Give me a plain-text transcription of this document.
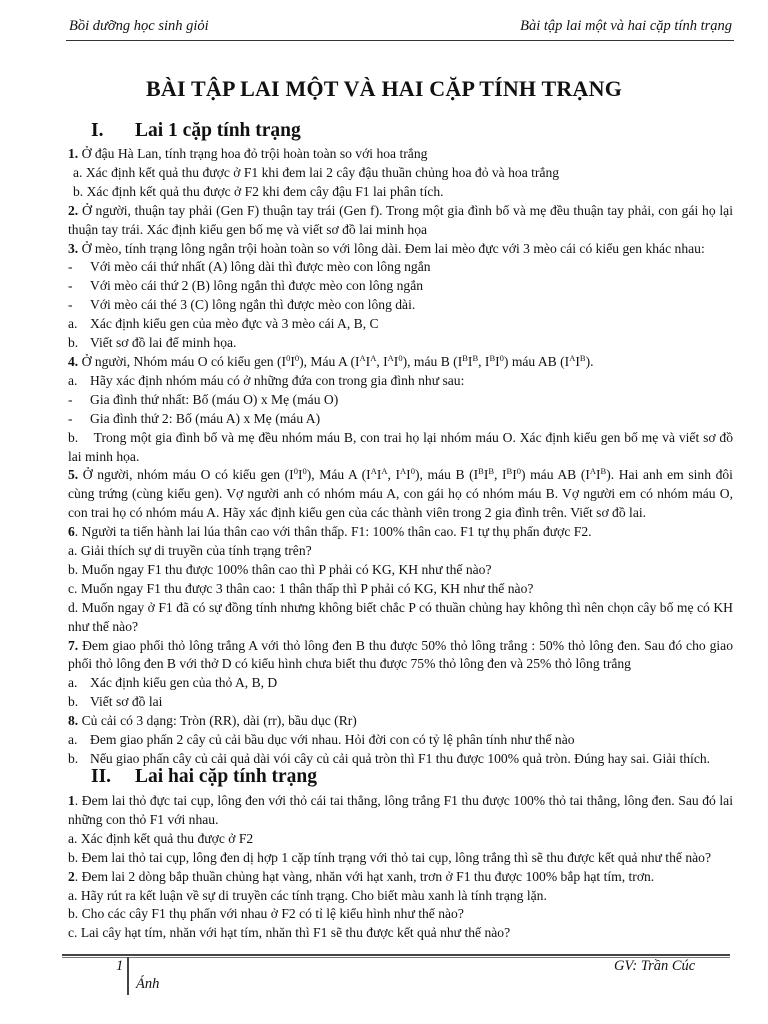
Bồi dưỡng học sinh giỏi	Bài tập lai một và hai cặp tính trạng
BÀI TẬP LAI MỘT VÀ HAI CẶP TÍNH TRẠNG
I. Lai 1 cặp tính trạng

1. Ở đậu Hà Lan, tính trạng hoa đỏ trội hoàn toàn so với hoa trắng

a. Xác định kết quả thu được ở F1 khi đem lai 2 cây đậu thuần chủng hoa đỏ và hoa trắng

b. Xác định kết quả thu được ở F2 khi đem cây đậu F1 lai phân tích.

2. Ở người, thuận tay phải (Gen F) thuận tay trái (Gen f). Trong một gia đình bố và mẹ đều thuận tay phải, con gái họ lại thuận tay trái. Xác định kiểu gen bố mẹ và viết sơ đồ lai minh họa

3. Ở mèo, tính trạng lông ngắn trội hoàn toàn so với lông dài. Đem lai mèo đực với 3 mèo cái có kiểu gen khác nhau:

- Với mèo cái thứ nhất (A) lông dài thì được mèo con lông ngắn

- Với mèo cái thứ 2 (B) lông ngắn thì được mèo con lông ngắn

- Với mèo cái thé 3 (C) lông ngắn thì được mèo con lông dài.

a. Xác định kiểu gen của mèo đực và 3 mèo cái A, B, C

b. Viết sơ đồ lai để minh họa.

4. Ở người, Nhóm máu O có kiểu gen $(I^0I^0)$, Máu A ($I^AI^A$, $I^AI^0$), máu B ($I^BI^B$, $I^BI^0$) máu AB $(I^AI^B)$.

a. Hãy xác định nhóm máu có ở những đứa con trong gia đình như sau:

- Gia đình thứ nhất: Bố (máu O) x Mẹ (máu O)

- Gia đình thứ 2: Bố (máu A) x Mẹ (máu A)

b. Trong một gia đình bố và mẹ đều nhóm máu B, con trai họ lại nhóm máu O. Xác định kiểu gen bố mẹ và viết sơ đồ lai minh họa.

5. Ở người, nhóm máu O có kiểu gen $(I^0I^0)$, Máu A ($I^AI^A$, $I^AI^0$), máu B ($I^BI^B$, $I^BI^0$) máu AB $(I^AI^B)$. Hai anh em sinh đôi cùng trứng (cùng kiểu gen). Vợ người anh có nhóm máu A, con gái họ có nhóm máu B. Vợ người em có nhóm máu O, con trai họ có nhóm máu A. Hãy xác định kiểu gen của các thành viên trong 2 gia đình trên. Viết sơ đồ lai.

6. Người ta tiến hành lai lúa thân cao với thân thấp. F1: 100% thân cao. F1 tự thụ phấn được F2.

a. Giải thích sự di truyền của tính trạng trên?

b. Muốn ngay F1 thu được 100% thân cao thì P phải có KG, KH như thế nào?

c. Muốn ngay F1 thu được 3 thân cao: 1 thân thấp thì P phải có KG, KH như thế nào?

d. Muốn ngay ở F1 đã có sự đồng tính nhưng không biết chắc P có thuần chủng hay không thì nên chọn cây bố mẹ có KH như thế nào?

7. Đem giao phối thỏ lông trắng A với thỏ lông đen B thu được 50% thỏ lông trắng : 50% thỏ lông đen. Sau đó cho giao phối thỏ lông đen B với thở D có kiểu hình chưa biết thu được 75% thỏ lông đen và 25% thỏ lông trắng

a. Xác định kiểu gen của thỏ A, B, D

b. Viết sơ đồ lai

8. Củ cải có 3 dạng: Tròn (RR), dài (rr), bầu dục (Rr)

a. Đem giao phấn 2 cây củ cải bầu dục với nhau. Hỏi đời con có tỷ lệ phân tính như thế nào

b. Nếu giao phấn cây củ cải quả dài vói cây củ cải quả tròn thì F1 thu được 100% quả tròn. Đúng hay sai. Giải thích.

II. Lai hai cặp tính trạng

1. Đem lai thỏ đực tai cụp, lông đen với thỏ cái tai thẳng, lông trắng F1 thu được 100% thỏ tai thẳng, lông đen. Sau đó lai những con thỏ F1 với nhau.

a. Xác định kết quả thu được ở F2

b. Đem lai thỏ tai cụp, lông đen dị hợp 1 cặp tính trạng với thỏ tai cụp, lông trắng thì sẽ thu được kết quả như thế nào?

2. Đem lai 2 dòng bắp thuần chủng hạt vàng, nhăn với hạt xanh, trơn ở F1 thu được 100% bắp hạt tím, trơn.

a. Hãy rút ra kết luận về sự di truyền các tính trạng. Cho biết màu xanh là tính trạng lặn.

b. Cho các cây F1 thụ phấn với nhau ở F2 có tỉ lệ kiểu hình như thế nào?

c. Lai cây hạt tím, nhăn với hạt tím, nhăn thì F1 sẽ thu được kết quả như thế nào?

1	GV: Trần Cúc
Ánh
